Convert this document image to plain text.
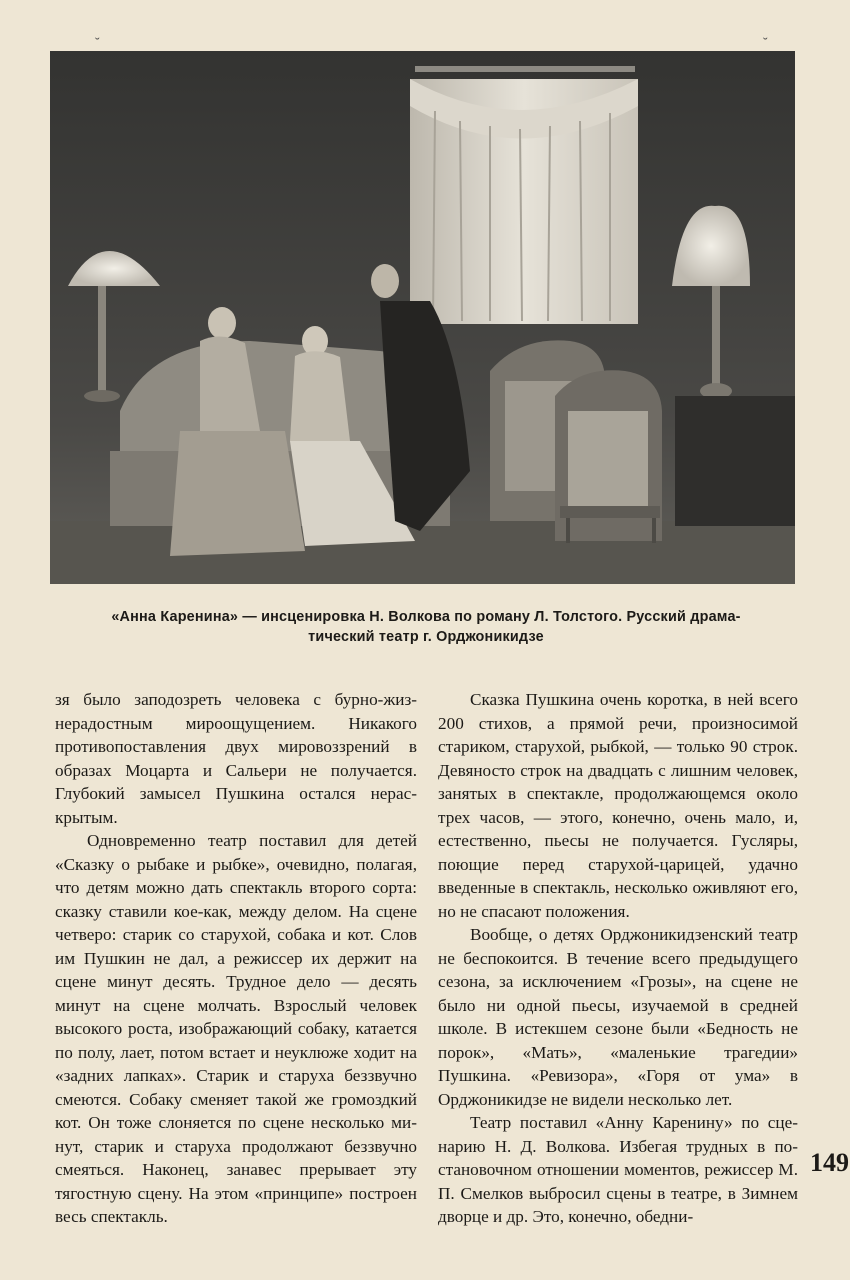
˘	˘
«Анна Каренина» — инсценировка Н. Волкова по роману Л. Толстого. Русский драма-
тический театр г. Орджоникидзе

зя было заподозреть человека с бурно-жизнерадостным мироощущением. Никакого противопоставления двух мировоззрений в образах Моцарта и Сальери не получается. Глубокий замысел Пушкина остался нераскрытым.

Одновременно театр поставил для детей «Сказку о рыбаке и рыбке», очевидно, полагая, что детям можно дать спектакль второго сорта: сказку ставили кое-как, между делом. На сцене четверо: старик со старухой, собака и кот. Слов им Пушкин не дал, а режиссер их держит на сцене минут десять. Трудное дело — десять минут на сцене молчать. Взрослый человек высокого роста, изображающий собаку, катается по полу, лает, потом встает и неуклюже ходит на «задних лапках». Старик и старуха беззвучно смеются. Собаку сменяет такой же громоздкий кот. Он тоже слоняется по сцене несколько минут, старик и старуха продолжают беззвучно смеяться. Наконец, занавес прерывает эту тягостную сцену. На этом «принципе» построен весь спектакль.

Сказка Пушкина очень коротка, в ней всего 200 стихов, а прямой речи, произносимой стариком, старухой, рыбкой, — только 90 строк. Девяносто строк на двадцать с лишним человек, занятых в спектакле, продолжающемся около трех часов, — этого, конечно, очень мало, и, естественно, пьесы не получается. Гусляры, поющие перед старухой-царицей, удачно введенные в спектакль, несколько оживляют его, но не спасают положения.

Вообще, о детях Орджоникидзенский театр не беспокоится. В течение всего предыдущего сезона, за исключением «Грозы», на сцене не было ни одной пьесы, изучаемой в средней школе. В истекшем сезоне были «Бедность не порок», «Мать», «маленькие трагедии» Пушкина. «Ревизора», «Горя от ума» в Орджоникидзе не видели несколько лет.

Театр поставил «Анну Каренину» по сценарию Н. Д. Волкова. Избегая трудных в постановочном отношении моментов, режиссер М. П. Смелков выбросил сцены в театре, в Зимнем дворце и др. Это, конечно, обедни-

149
